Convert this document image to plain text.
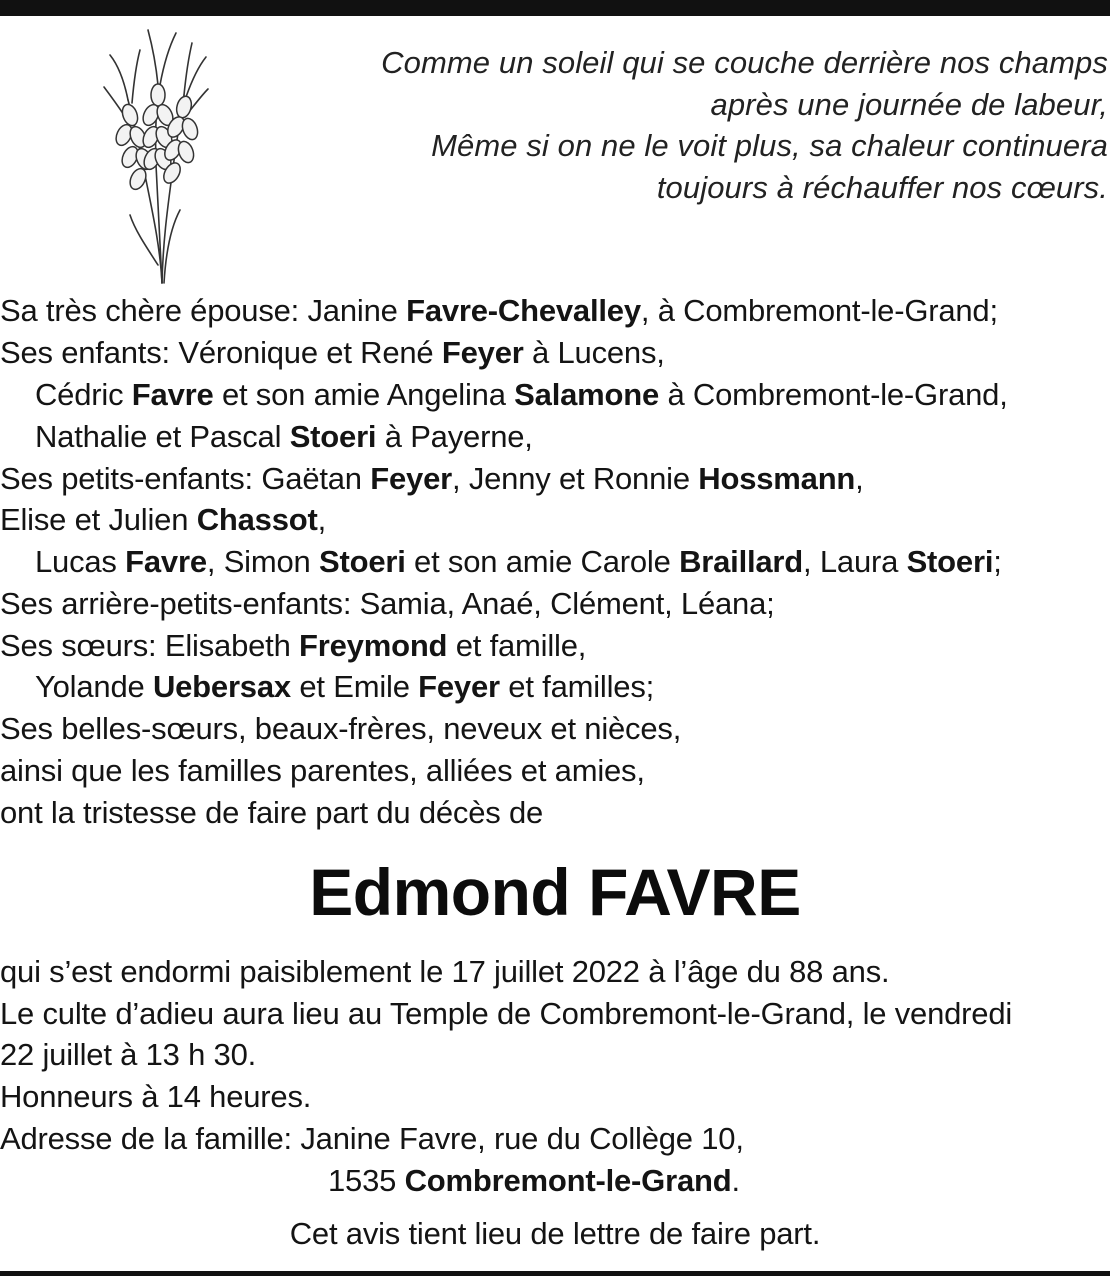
Comme un soleil qui se couche derrière nos champs
après une journée de labeur,
Même si on ne le voit plus, sa chaleur continuera
toujours à réchauffer nos cœurs.
Sa très chère épouse: Janine Favre-Chevalley, à Combremont-le-Grand;
Ses enfants: Véronique et René Feyer à Lucens,
Cédric Favre et son amie Angelina Salamone à Combremont-le-Grand,
Nathalie et Pascal Stoeri à Payerne,
Ses petits-enfants: Gaëtan Feyer, Jenny et Ronnie Hossmann,
Elise et Julien Chassot,
Lucas Favre, Simon Stoeri et son amie Carole Braillard, Laura Stoeri;
Ses arrière-petits-enfants: Samia, Anaé, Clément, Léana;
Ses sœurs: Elisabeth Freymond et famille,
Yolande Uebersax et Emile Feyer et familles;
Ses belles-sœurs, beaux-frères, neveux et nièces,
ainsi que les familles parentes, alliées et amies,
ont la tristesse de faire part du décès de
Edmond FAVRE
qui s’est endormi paisiblement le 17 juillet 2022 à l’âge du 88 ans.
Le culte d’adieu aura lieu au Temple de Combremont-le-Grand, le vendredi
22 juillet à 13 h 30.
Honneurs à 14 heures.
Adresse de la famille: Janine Favre, rue du Collège 10,
1535 Combremont-le-Grand.
Cet avis tient lieu de lettre de faire part.
